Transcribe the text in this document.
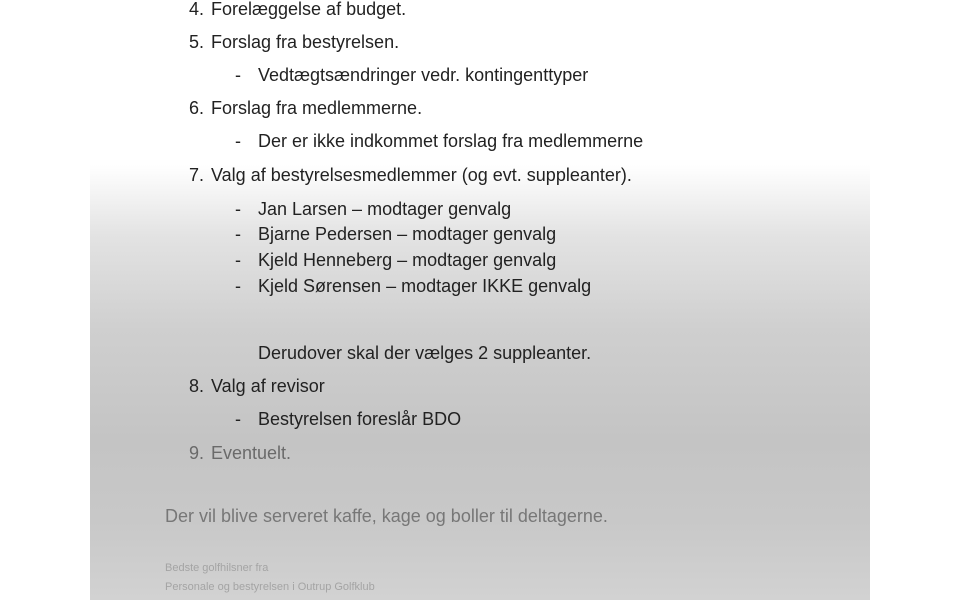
4. Forelæggelse af budget.
5. Forslag fra bestyrelsen.
- Vedtægtsændringer vedr. kontingenttyper
6. Forslag fra medlemmerne.
- Der er ikke indkommet forslag fra medlemmerne
7. Valg af bestyrelsesmedlemmer (og evt. suppleanter).
- Jan Larsen – modtager genvalg
- Bjarne Pedersen – modtager genvalg
- Kjeld Henneberg – modtager genvalg
- Kjeld Sørensen – modtager IKKE genvalg
Derudover skal der vælges 2 suppleanter.
8. Valg af revisor
- Bestyrelsen foreslår BDO
9. Eventuelt.
Der vil blive serveret kaffe, kage og boller til deltagerne.
Bedste golfhilsner fra
Personale og bestyrelsen i Outrup Golfklub
